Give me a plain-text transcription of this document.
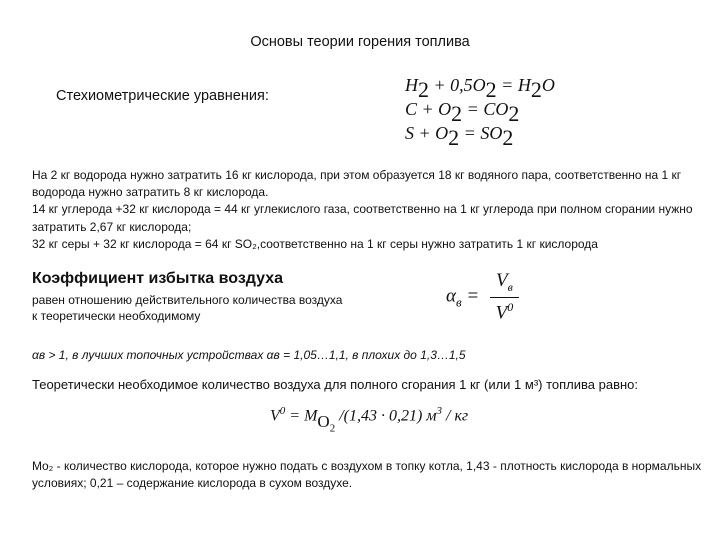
Основы теории горения топлива
Стехиометрические уравнения:
$H_2 + 0,5O_2 = H_2O$
$C + O_2 = CO_2$
$S + O_2 = SO_2$

На 2 кг водорода нужно затратить 16 кг кислорода, при этом образуется 18 кг водяного пара, соответственно на 1 кг водорода нужно затратить 8 кг кислорода.

14 кг углерода +32 кг кислорода = 44 кг углекислого газа, соответственно на 1 кг углерода при полном сгорании нужно затратить 2,67 кг кислорода;

32 кг серы + 32 кг кислорода = 64 кг SO₂,соответственно на 1 кг серы нужно затратить 1 кг кислорода

Коэффициент избытка воздуха
равен отношению действительного количества воздуха
к теоретически необходимому
$\alpha_в = \frac{V_в}{V^0}$
αв > 1, в лучших топочных устройствах αв = 1,05…1,1, в плохих до 1,3…1,5
Теоретически необходимое количество воздуха для полного сгорания 1 кг (или 1 м³) топлива равно:
$V^0 = MO_2$ /(1,43 · 0,21) $м^3$ / кг
Mo₂ - количество кислорода, которое нужно подать с воздухом в топку котла, 1,43 - плотность кислорода в нормальных условиях; 0,21 – содержание кислорода в сухом воздухе.
